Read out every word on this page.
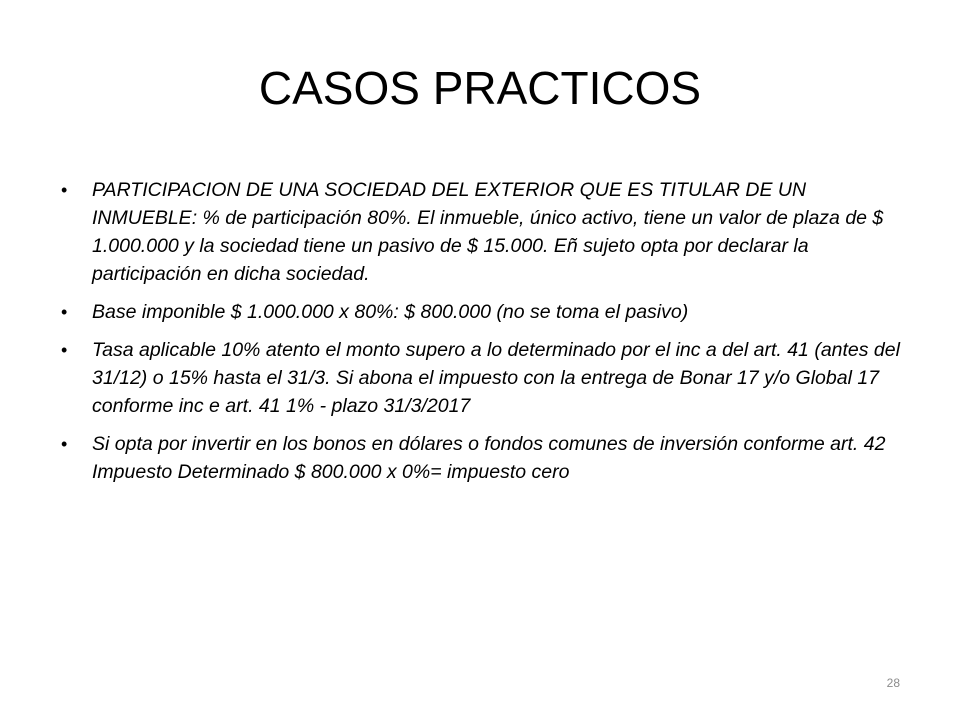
CASOS PRACTICOS
• PARTICIPACION DE UNA SOCIEDAD DEL EXTERIOR QUE ES TITULAR DE UN INMUEBLE: % de participación 80%. El inmueble, único activo, tiene un valor de plaza de $ 1.000.000 y la sociedad tiene un pasivo de $ 15.000. Eñ sujeto opta por declarar la participación en dicha sociedad.
• Base imponible $ 1.000.000 x 80%: $ 800.000 (no se toma el pasivo)
• Tasa aplicable 10% atento el monto supero a lo determinado por el inc a del art. 41 (antes del 31/12) o 15% hasta el 31/3. Si abona el impuesto con la entrega de Bonar 17 y/o Global 17 conforme inc e art. 41 1% - plazo 31/3/2017
• Si opta por invertir en los bonos en dólares o fondos comunes de inversión conforme art. 42 Impuesto Determinado $ 800.000 x 0%= impuesto cero
28
